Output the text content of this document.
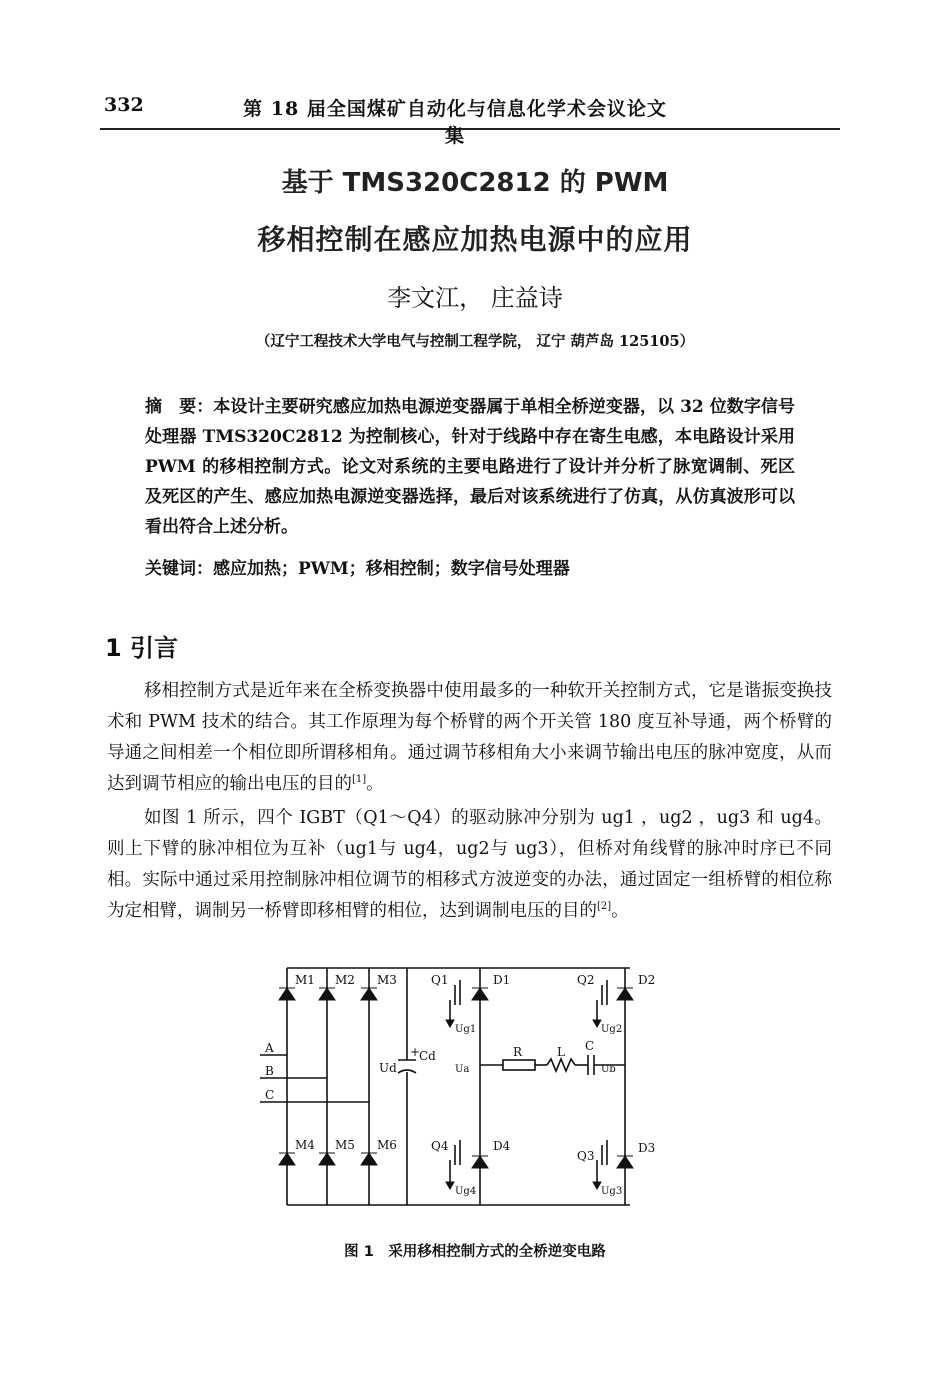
332	第 18 届全国煤矿自动化与信息化学术会议论文集
基于 TMS320C2812 的 PWM
移相控制在感应加热电源中的应用
李文江， 庄益诗
（辽宁工程技术大学电气与控制工程学院， 辽宁 葫芦岛 125105）
摘　要：本设计主要研究感应加热电源逆变器属于单相全桥逆变器，以 32 位数字信号处理器 TMS320C2812 为控制核心，针对于线路中存在寄生电感，本电路设计采用 PWM 的移相控制方式。论文对系统的主要电路进行了设计并分析了脉宽调制、死区及死区的产生、感应加热电源逆变器选择，最后对该系统进行了仿真，从仿真波形可以看出符合上述分析。
关键词：感应加热；PWM；移相控制；数字信号处理器
1 引言
移相控制方式是近年来在全桥变换器中使用最多的一种软开关控制方式，它是谐振变换技术和 PWM 技术的结合。其工作原理为每个桥臂的两个开关管 180 度互补导通，两个桥臂的导通之间相差一个相位即所谓移相角。通过调节移相角大小来调节输出电压的脉冲宽度，从而达到调节相应的输出电压的目的[1]。
如图 1 所示，四个 IGBT（Q1～Q4）的驱动脉冲分别为 ug1 ，ug2 ，ug3 和 ug4。则上下臂的脉冲相位为互补（ug1与 ug4，ug2与 ug3），但桥对角线臂的脉冲时序已不同相。实际中通过采用控制脉冲相位调节的相移式方波逆变的办法，通过固定一组桥臂的相位称为定相臂，调制另一桥臂即移相臂的相位，达到调制电压的目的[2]。
M1 M2 M3
M4 M5 M6
A
B
C
Ud
+
Cd
Q1	Q2
Q3
Q4
D1	D2
D3
D4
Ug1	Ug2
Ug3
Ug4
Ua	Ub
R	L C
图 1　采用移相控制方式的全桥逆变电路
